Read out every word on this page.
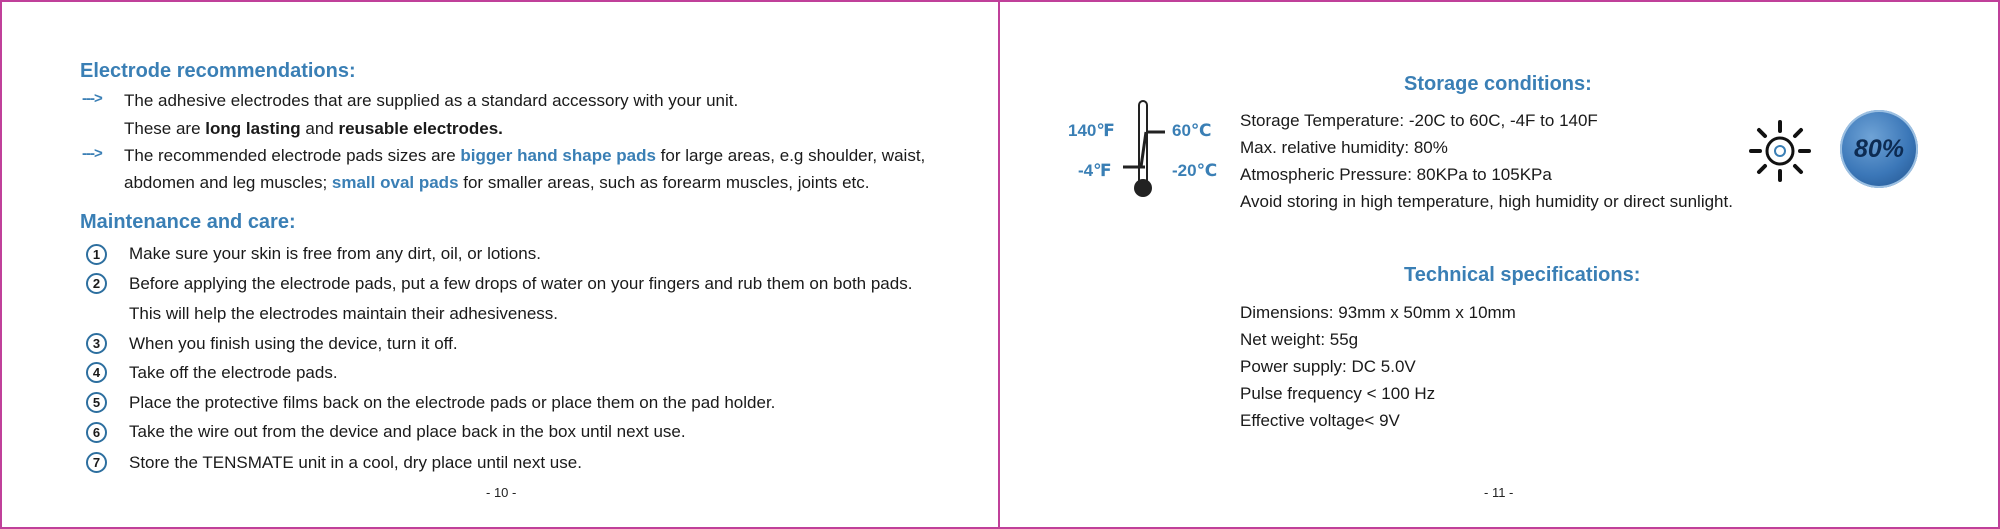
Electrode recommendations:
---> The adhesive electrodes that are supplied as a standard accessory with your unit.
These are long lasting and reusable electrodes.
---> The recommended electrode pads sizes are bigger hand shape pads for large areas, e.g shoulder, waist,
abdomen and leg muscles; small oval pads for smaller areas, such as forearm muscles, joints etc.
Maintenance and care:
1	Make sure your skin is free from any dirt, oil, or lotions.
2	Before applying the electrode pads, put a few drops of water on your fingers and rub them on both pads.
This will help the electrodes maintain their adhesiveness.
3	When you finish using the device, turn it off.
4	Take off the electrode pads.
5	Place the protective films back on the electrode pads or place them on the pad holder.
6	Take the wire out from the device and place back in the box until next use.
7	Store the TENSMATE unit in a cool, dry place until next use.
- 10 -
Storage conditions:
140℉	60℃
-4℉	-20℃
Storage Temperature: -20C to 60C, -4F to 140F
Max. relative humidity: 80%
Atmospheric Pressure: 80KPa to 105KPa
Avoid storing in high temperature, high humidity or direct sunlight.
80%
Technical specifications:
Dimensions: 93mm x 50mm x 10mm
Net weight: 55g
Power supply: DC 5.0V
Pulse frequency < 100 Hz
Effective voltage< 9V
- 11 -
